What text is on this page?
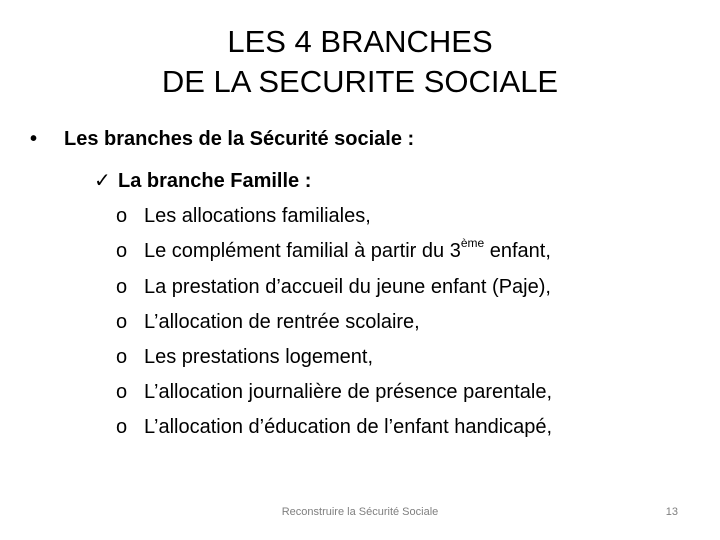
LES 4 BRANCHES
DE LA SECURITE SOCIALE
• Les branches de la Sécurité sociale :
✓ La branche Famille :
o Les allocations familiales,
o Le complément familial à partir du 3ème enfant,
o La prestation d’accueil du jeune enfant (Paje),
o L’allocation de rentrée scolaire,
o Les prestations logement,
o L’allocation journalière de présence parentale,
o L’allocation d’éducation de l’enfant handicapé,
Reconstruire la Sécurité Sociale	13
